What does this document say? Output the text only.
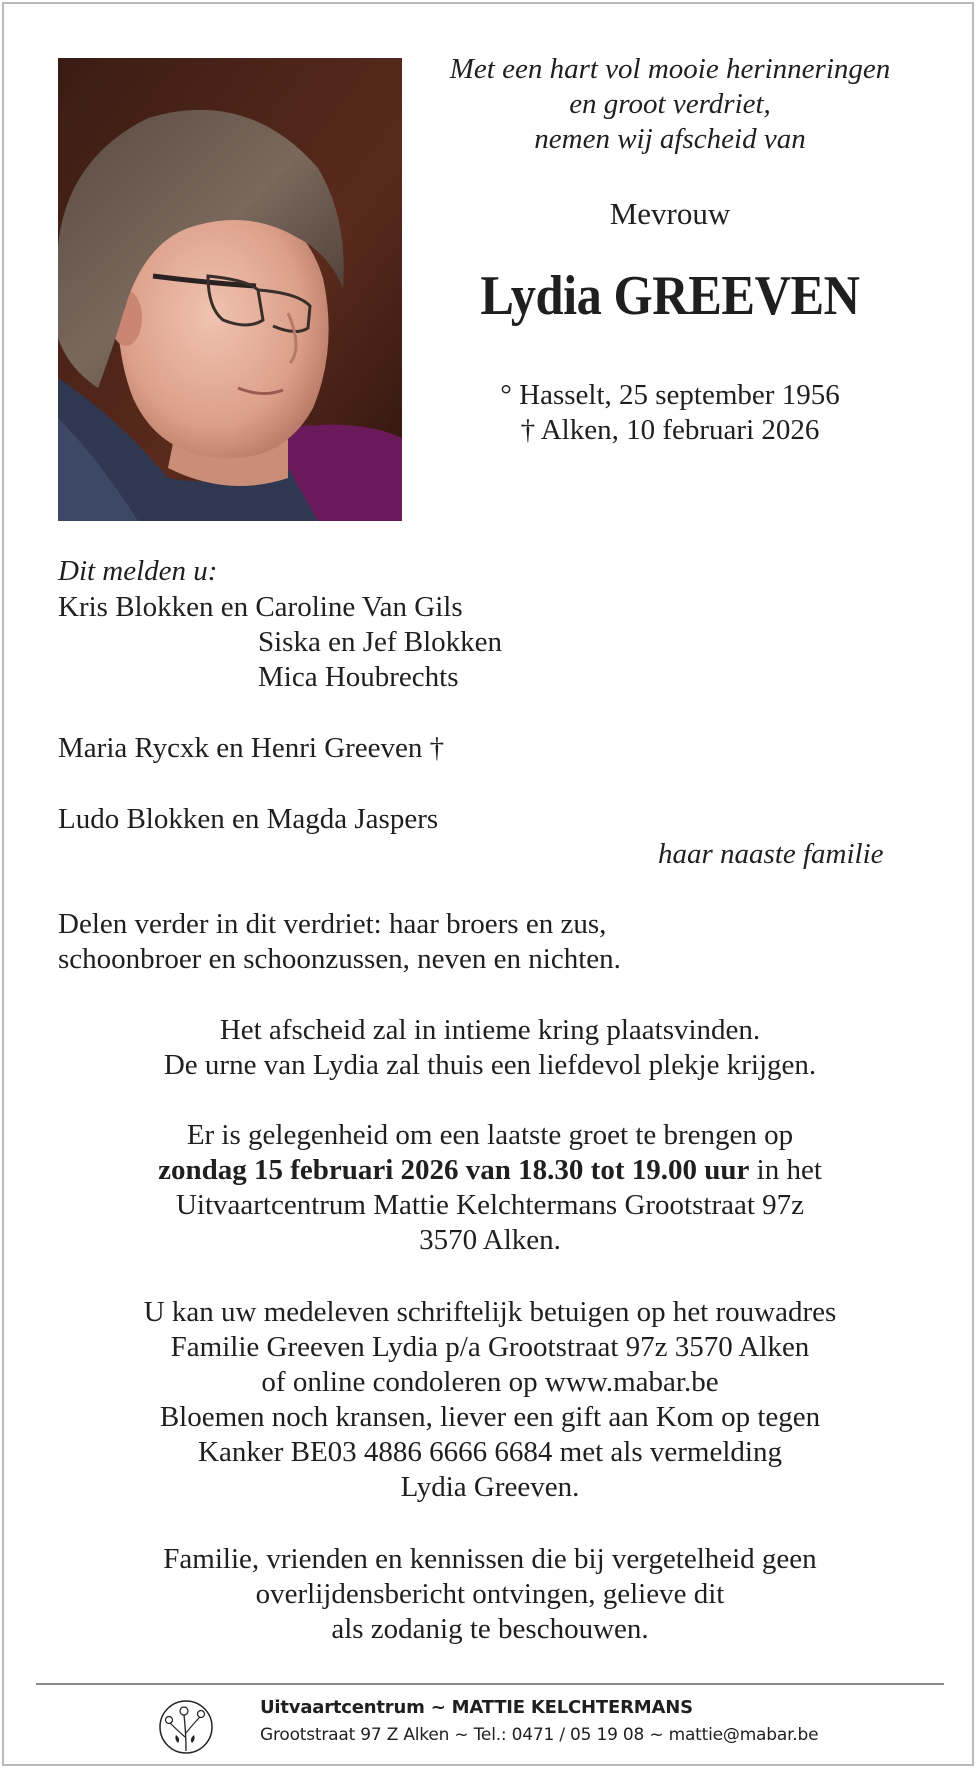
Met een hart vol mooie herinneringen
en groot verdriet,
nemen wij afscheid van
Mevrouw
Lydia GREEVEN
° Hasselt, 25 september 1956
† Alken, 10 februari 2026
Dit melden u:
Kris Blokken en Caroline Van Gils
Siska en Jef Blokken
Mica Houbrechts
Maria Rycxk en Henri Greeven †
Ludo Blokken en Magda Jaspers
haar naaste familie
Delen verder in dit verdriet: haar broers en zus,
schoonbroer en schoonzussen, neven en nichten.
Het afscheid zal in intieme kring plaatsvinden.
De urne van Lydia zal thuis een liefdevol plekje krijgen.
Er is gelegenheid om een laatste groet te brengen op
zondag 15 februari 2026 van 18.30 tot 19.00 uur in het
Uitvaartcentrum Mattie Kelchtermans Grootstraat 97z
3570 Alken.
U kan uw medeleven schriftelijk betuigen op het rouwadres
Familie Greeven Lydia p/a Grootstraat 97z 3570 Alken
of online condoleren op www.mabar.be
Bloemen noch kransen, liever een gift aan Kom op tegen
Kanker BE03 4886 6666 6684 met als vermelding
Lydia Greeven.
Familie, vrienden en kennissen die bij vergetelheid geen
overlijdensbericht ontvingen, gelieve dit
als zodanig te beschouwen.
Uitvaartcentrum ~ MATTIE KELCHTERMANS
Grootstraat 97 Z Alken ~ Tel.: 0471 / 05 19 08 ~ mattie@mabar.be
